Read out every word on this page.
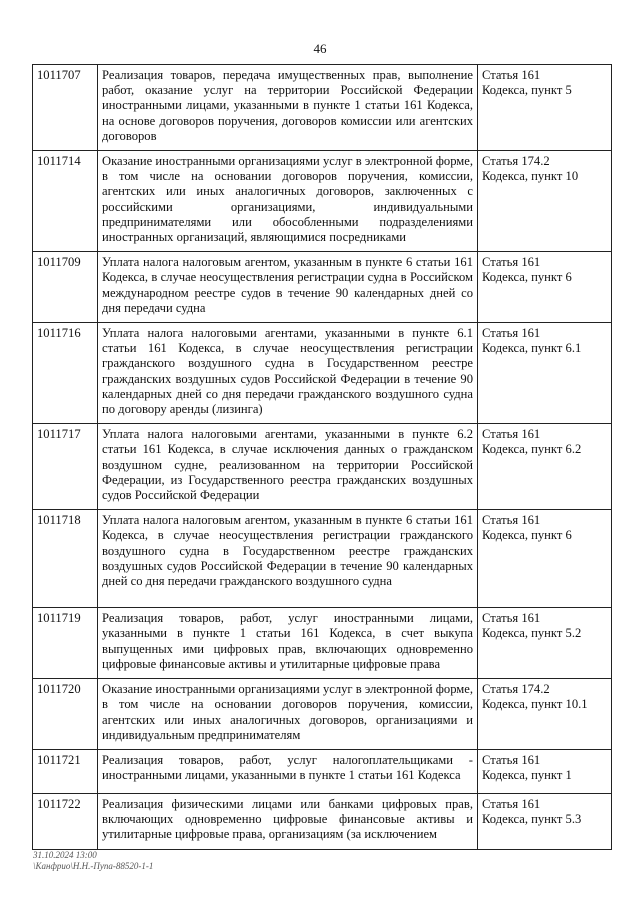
46
1011707	Реализация товаров, передача имущественных прав, выполнение работ, оказание услуг на территории Российской Федерации иностранными лицами, указанными в пункте 1 статьи 161 Кодекса, на основе договоров поручения, договоров комиссии или агентских договоров	Статья 161
Кодекса, пункт 5

1011714	Оказание иностранными организациями услуг в электронной форме, в том числе на основании договоров поручения, комиссии, агентских или иных аналогичных договоров, заключенных с российскими организациями, индивидуальными предпринимателями или обособленными подразделениями иностранных организаций, являющимися посредниками	Статья 174.2
Кодекса, пункт 10

1011709	Уплата налога налоговым агентом, указанным в пункте 6 статьи 161 Кодекса, в случае неосуществления регистрации судна в Российском международном реестре судов в течение 90 календарных дней со дня передачи судна	Статья 161
Кодекса, пункт 6

1011716	Уплата налога налоговыми агентами, указанными в пункте 6.1 статьи 161 Кодекса, в случае неосуществления регистрации гражданского воздушного судна в Государственном реестре гражданских воздушных судов Российской Федерации в течение 90 календарных дней со дня передачи гражданского воздушного судна по договору аренды (лизинга)	Статья 161
Кодекса, пункт 6.1

1011717	Уплата налога налоговыми агентами, указанными в пункте 6.2 статьи 161 Кодекса, в случае исключения данных о гражданском воздушном судне, реализованном на территории Российской Федерации, из Государственного реестра гражданских воздушных судов Российской Федерации	Статья 161
Кодекса, пункт 6.2

1011718	Уплата налога налоговым агентом, указанным в пункте 6 статьи 161 Кодекса, в случае неосуществления регистрации гражданского воздушного судна в Государственном реестре гражданских воздушных судов Российской Федерации в течение 90 календарных дней со дня передачи гражданского воздушного судна	Статья 161
Кодекса, пункт 6

1011719	Реализация товаров, работ, услуг иностранными лицами, указанными в пункте 1 статьи 161 Кодекса, в счет выкупа выпущенных ими цифровых прав, включающих одновременно цифровые финансовые активы и утилитарные цифровые права	Статья 161
Кодекса, пункт 5.2

1011720	Оказание иностранными организациями услуг в электронной форме, в том числе на основании договоров поручения, комиссии, агентских или иных аналогичных договоров, организациями и индивидуальным предпринимателям	Статья 174.2
Кодекса, пункт 10.1

1011721	Реализация товаров, работ, услуг налогоплательщиками - иностранными лицами, указанными в пункте 1 статьи 161 Кодекса	Статья 161
Кодекса, пункт 1

1011722	Реализация физическими лицами или банками цифровых прав, включающих одновременно цифровые финансовые активы и утилитарные цифровые права, организациям (за исключением	Статья 161
Кодекса, пункт 5.3
31.10.2024 13:00
\Канфрио\Н.Н.-Пупа-88520-1-1
